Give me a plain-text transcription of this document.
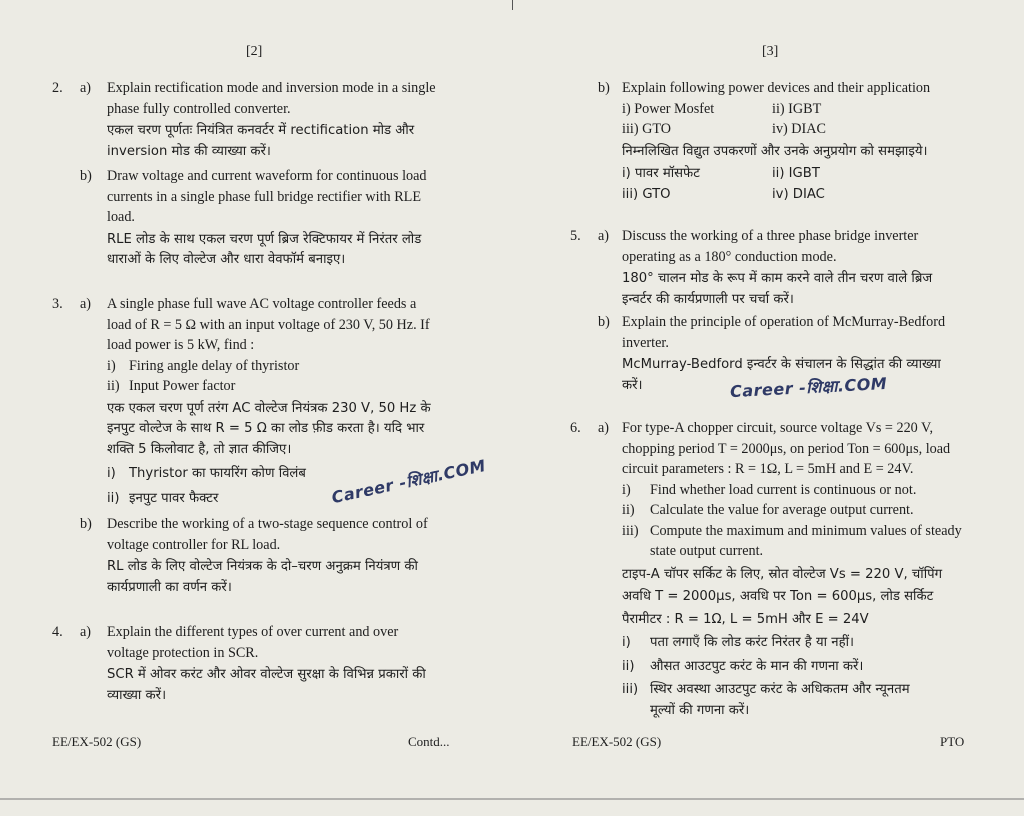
[2]
2. a) Explain rectification mode and inversion mode in a single
phase fully controlled converter.
एकल चरण पूर्णतः नियंत्रित कनवर्टर में rectification मोड और
inversion मोड की व्याख्या करें।
b) Draw voltage and current waveform for continuous load
currents in a single phase full bridge rectifier with RLE
load.
RLE लोड के साथ एकल चरण पूर्ण ब्रिज रेक्टिफायर में निरंतर लोड
धाराओं के लिए वोल्टेज और धारा वेवफॉर्म बनाइए।
3. a) A single phase full wave AC voltage controller feeds a
load of R = 5 Ω with an input voltage of 230 V, 50 Hz. If
load power is 5 kW, find :
i) Firing angle delay of thyristor
ii) Input Power factor
एक एकल चरण पूर्ण तरंग AC वोल्टेज नियंत्रक 230 V, 50 Hz के
इनपुट वोल्टेज के साथ R = 5 Ω का लोड फ़ीड करता है। यदि भार
शक्ति 5 किलोवाट है, तो ज्ञात कीजिए।
i) Thyristor का फायरिंग कोण विलंब
ii) इनपुट पावर फैक्टर
b) Describe the working of a two-stage sequence control of
voltage controller for RL load.
RL लोड के लिए वोल्टेज नियंत्रक के दो–चरण अनुक्रम नियंत्रण की
कार्यप्रणाली का वर्णन करें।
4. a) Explain the different types of over current and over
voltage protection in SCR.
SCR में ओवर करंट और ओवर वोल्टेज सुरक्षा के विभिन्न प्रकारों की
व्याख्या करें।
EE/EX-502 (GS)	Contd...
Career -शिक्षा.COM
[3]
b) Explain following power devices and their application
i) Power Mosfet	ii) IGBT
iii) GTO	iv) DIAC
निम्नलिखित विद्युत उपकरणों और उनके अनुप्रयोग को समझाइये।
i) पावर मॉसफेट	ii) IGBT
iii) GTO	iv) DIAC
5. a) Discuss the working of a three phase bridge inverter
operating as a 180° conduction mode.
180° चालन मोड के रूप में काम करने वाले तीन चरण वाले ब्रिज
इन्वर्टर की कार्यप्रणाली पर चर्चा करें।
b) Explain the principle of operation of McMurray-Bedford
inverter.
McMurray-Bedford इन्वर्टर के संचालन के सिद्धांत की व्याख्या
करें।	Career -शिक्षा.COM
6. a) For type-A chopper circuit, source voltage Vs = 220 V,
chopping period T = 2000μs, on period Ton = 600μs, load
circuit parameters : R = 1Ω, L = 5mH and E = 24V.
i) Find whether load current is continuous or not.
ii) Calculate the value for average output current.
iii) Compute the maximum and minimum values of steady
state output current.
टाइप-A चॉपर सर्किट के लिए, स्रोत वोल्टेज Vs = 220 V, चॉपिंग
अवधि T = 2000μs, अवधि पर Ton = 600μs, लोड सर्किट
पैरामीटर : R = 1Ω, L = 5mH और E = 24V
i) पता लगाएँ कि लोड करंट निरंतर है या नहीं।
ii) औसत आउटपुट करंट के मान की गणना करें।
iii) स्थिर अवस्था आउटपुट करंट के अधिकतम और न्यूनतम
मूल्यों की गणना करें।
EE/EX-502 (GS)	PTO
